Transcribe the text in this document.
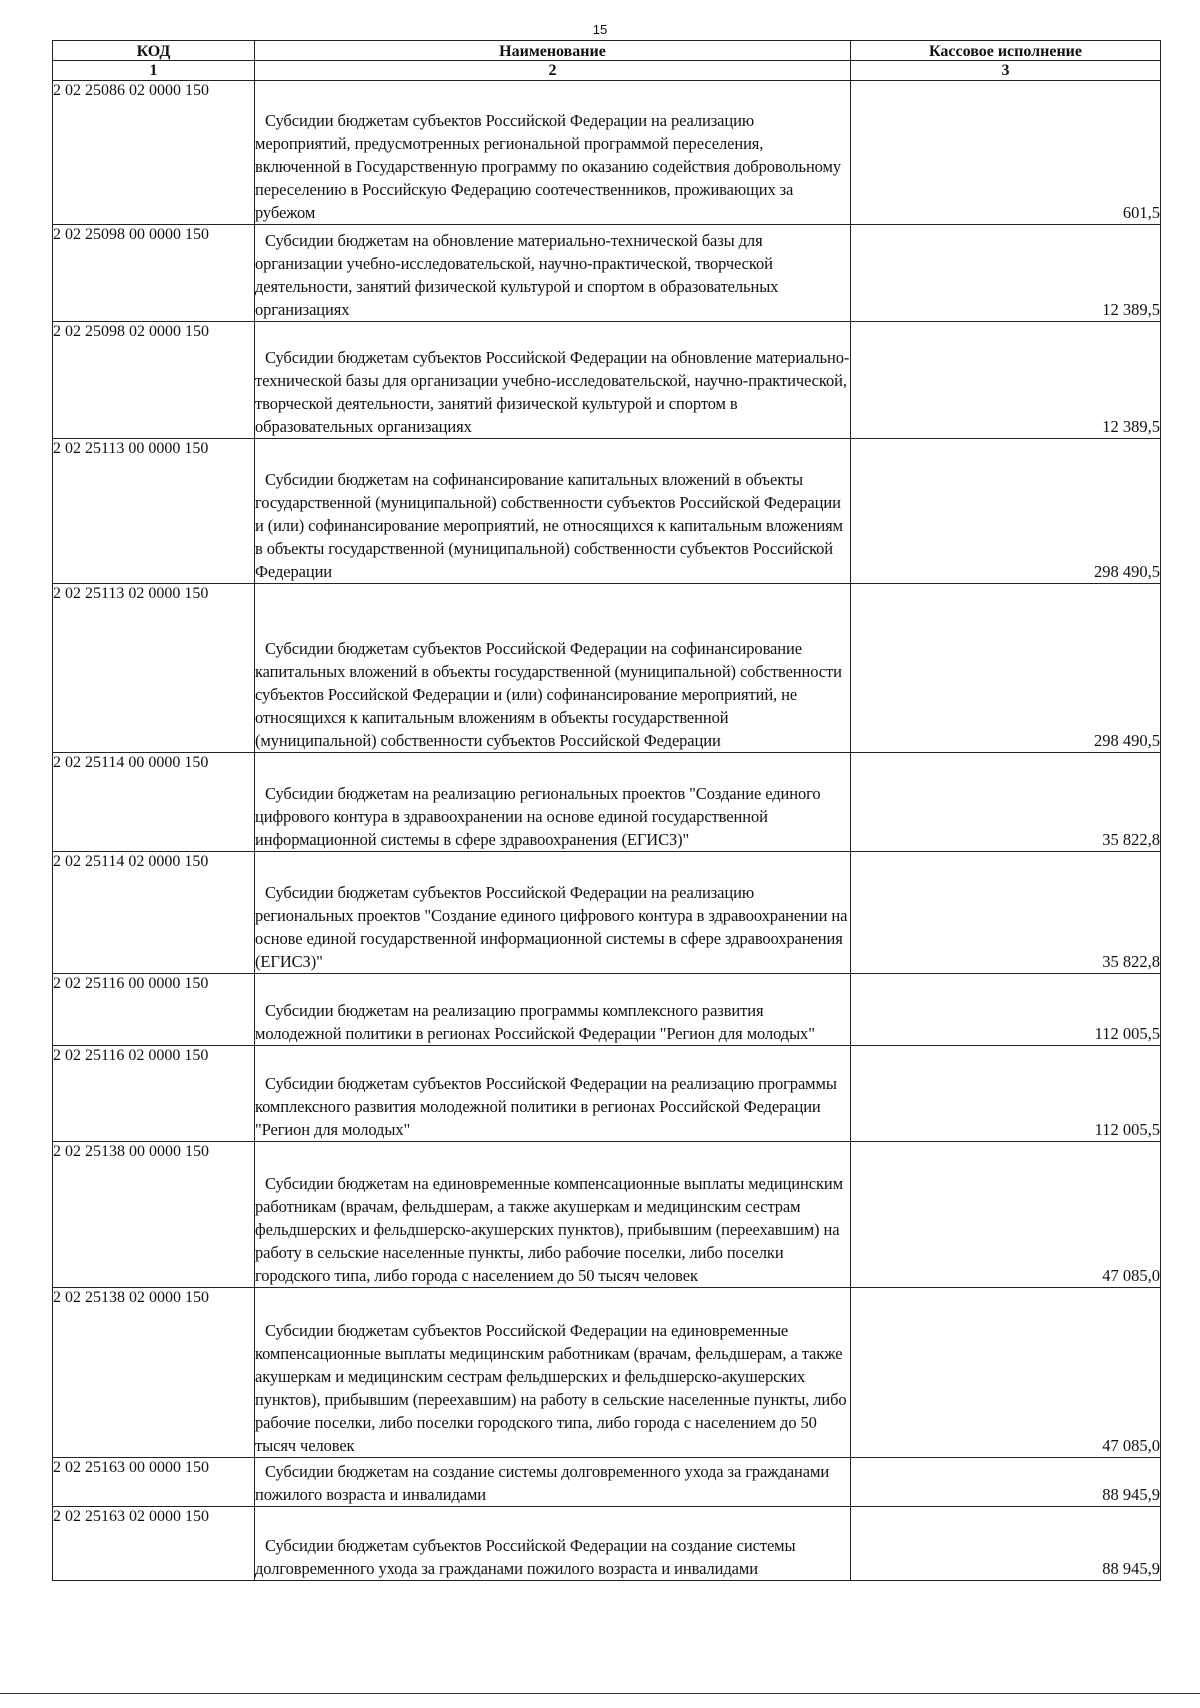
15
КОД	Наименование	Кассовое исполнение
1	2	3
2 02 25086 02 0000 150	Субсидии бюджетам субъектов Российской Федерации на реализацию мероприятий, предусмотренных региональной программой переселения, включенной в Государственную программу по оказанию содействия добровольному переселению в Российскую Федерацию соотечественников, проживающих за рубежом	601,5
2 02 25098 00 0000 150	Субсидии бюджетам на обновление материально-технической базы для организации учебно-исследовательской, научно-практической, творческой деятельности, занятий физической культурой и спортом в образовательных организациях	12 389,5
2 02 25098 02 0000 150	Субсидии бюджетам субъектов Российской Федерации на обновление материально-технической базы для организации учебно-исследовательской, научно-практической, творческой деятельности, занятий физической культурой и спортом в образовательных организациях	12 389,5
2 02 25113 00 0000 150	Субсидии бюджетам на софинансирование капитальных вложений в объекты государственной (муниципальной) собственности субъектов Российской Федерации и (или) софинансирование мероприятий, не относящихся к капитальным вложениям в объекты государственной (муниципальной) собственности субъектов Российской Федерации	298 490,5
2 02 25113 02 0000 150	Субсидии бюджетам субъектов Российской Федерации на софинансирование капитальных вложений в объекты государственной (муниципальной) собственности субъектов Российской Федерации и (или) софинансирование мероприятий, не относящихся к капитальным вложениям в объекты государственной (муниципальной) собственности субъектов Российской Федерации	298 490,5
2 02 25114 00 0000 150	Субсидии бюджетам на реализацию региональных проектов "Создание единого цифрового контура в здравоохранении на основе единой государственной информационной системы в сфере здравоохранения (ЕГИСЗ)"	35 822,8
2 02 25114 02 0000 150	Субсидии бюджетам субъектов Российской Федерации на реализацию региональных проектов "Создание единого цифрового контура в здравоохранении на основе единой государственной информационной системы в сфере здравоохранения (ЕГИСЗ)"	35 822,8
2 02 25116 00 0000 150	Субсидии бюджетам на реализацию программы комплексного развития молодежной политики в регионах Российской Федерации "Регион для молодых"	112 005,5
2 02 25116 02 0000 150	Субсидии бюджетам субъектов Российской Федерации на реализацию программы комплексного развития молодежной политики в регионах Российской Федерации "Регион для молодых"	112 005,5
2 02 25138 00 0000 150	Субсидии бюджетам на единовременные компенсационные выплаты медицинским работникам (врачам, фельдшерам, а также акушеркам и медицинским сестрам фельдшерских и фельдшерско-акушерских пунктов), прибывшим (переехавшим) на работу в сельские населенные пункты, либо рабочие поселки, либо поселки городского типа, либо города с населением до 50 тысяч человек	47 085,0
2 02 25138 02 0000 150	Субсидии бюджетам субъектов Российской Федерации на единовременные компенсационные выплаты медицинским работникам (врачам, фельдшерам, а также акушеркам и медицинским сестрам фельдшерских и фельдшерско-акушерских пунктов), прибывшим (переехавшим) на работу в сельские населенные пункты, либо рабочие поселки, либо поселки городского типа, либо города с населением до 50 тысяч человек	47 085,0
2 02 25163 00 0000 150	Субсидии бюджетам на создание системы долговременного ухода за гражданами пожилого возраста и инвалидами	88 945,9
2 02 25163 02 0000 150	Субсидии бюджетам субъектов Российской Федерации на создание системы долговременного ухода за гражданами пожилого возраста и инвалидами	88 945,9
